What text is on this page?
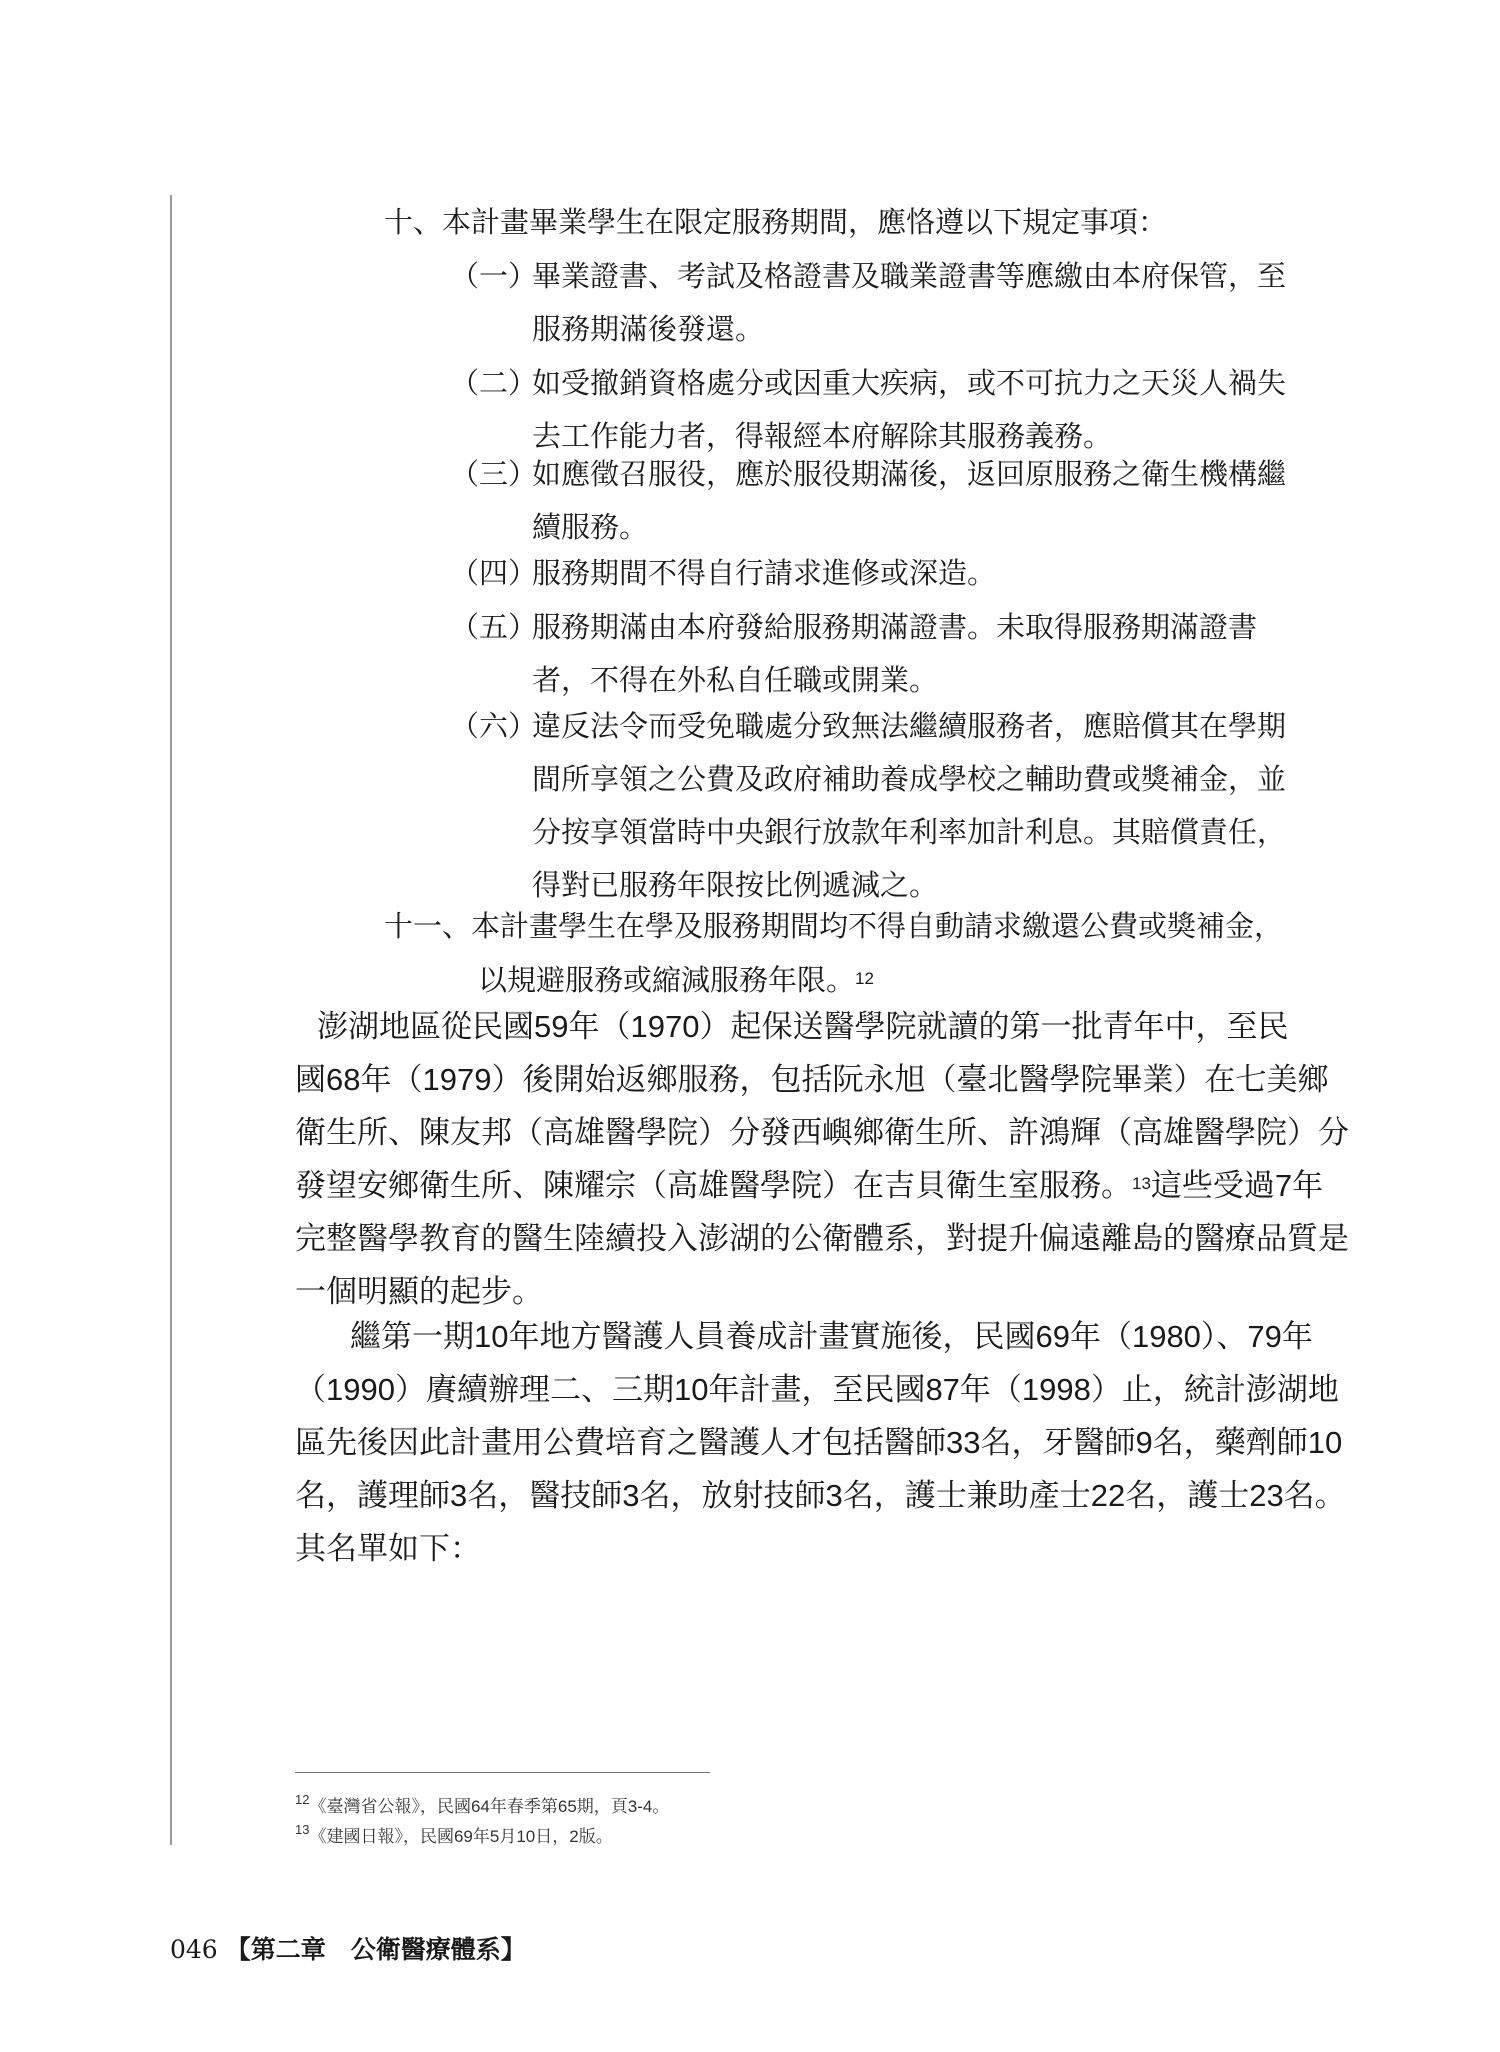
十、本計畫畢業學生在限定服務期間，應恪遵以下規定事項：
（一）
畢業證書、考試及格證書及職業證書等應繳由本府保管，至
服務期滿後發還。
（二）
如受撤銷資格處分或因重大疾病，或不可抗力之天災人禍失
去工作能力者，得報經本府解除其服務義務。
（三）
如應徵召服役，應於服役期滿後，返回原服務之衛生機構繼
續服務。
（四）
服務期間不得自行請求進修或深造。
（五）
服務期滿由本府發給服務期滿證書。未取得服務期滿證書
者，不得在外私自任職或開業。
（六）
違反法令而受免職處分致無法繼續服務者，應賠償其在學期
間所享領之公費及政府補助養成學校之輔助費或獎補金，並
分按享領當時中央銀行放款年利率加計利息。其賠償責任，
得對已服務年限按比例遞減之。
十一、本計畫學生在學及服務期間均不得自動請求繳還公費或獎補金，
以規避服務或縮減服務年限。$^{12}$
澎湖地區從民國59年（1970）起保送醫學院就讀的第一批青年中，至民
國68年（1979）後開始返鄉服務，包括阮永旭（臺北醫學院畢業）在七美鄉
衛生所、陳友邦（高雄醫學院）分發西嶼鄉衛生所、許鴻輝（高雄醫學院）分
發望安鄉衛生所、陳耀宗（高雄醫學院）在吉貝衛生室服務。$^{13}$這些受過7年
完整醫學教育的醫生陸續投入澎湖的公衛體系，對提升偏遠離島的醫療品質是
一個明顯的起步。
繼第一期10年地方醫護人員養成計畫實施後，民國69年（1980）、79年
（1990）賡續辦理二、三期10年計畫，至民國87年（1998）止，統計澎湖地
區先後因此計畫用公費培育之醫護人才包括醫師33名，牙醫師9名，藥劑師10
名，護理師3名，醫技師3名，放射技師3名，護士兼助產士22名，護士23名。
其名單如下：
$^{12}$《臺灣省公報》，民國64年春季第65期，頁3-4。
$^{13}$《建國日報》，民國69年5月10日，2版。
046 【第二章　公衛醫療體系】
